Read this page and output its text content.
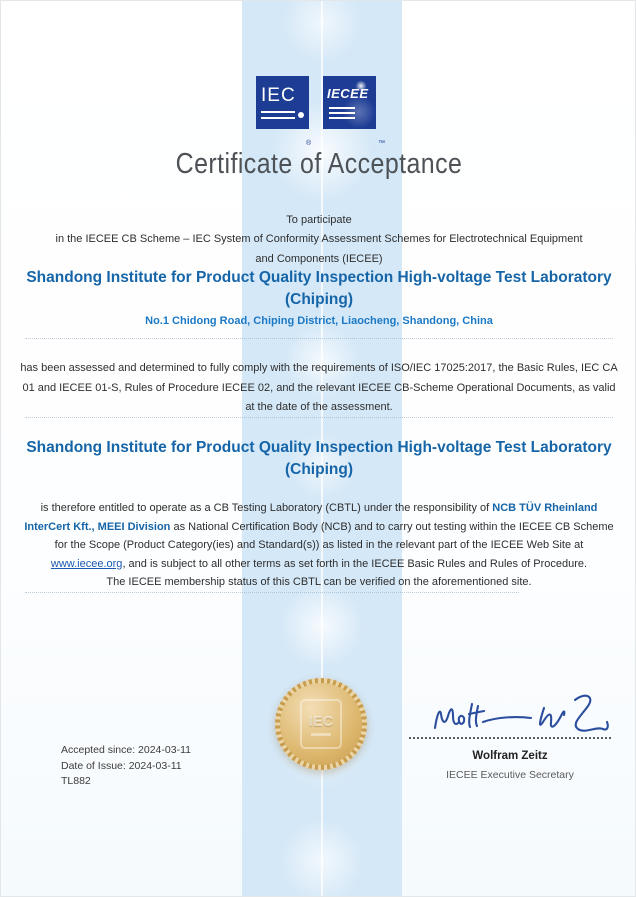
IEC IECEE
®	™
Certificate of Acceptance
To participate
in the IECEE CB Scheme – IEC System of Conformity Assessment Schemes for Electrotechnical Equipment and Components (IECEE)
Shandong Institute for Product Quality Inspection High-voltage Test Laboratory
(Chiping)
No.1 Chidong Road, Chiping District, Liaocheng, Shandong, China
has been assessed and determined to fully comply with the requirements of ISO/IEC 17025:2017, the Basic Rules, IEC CA 01 and IECEE 01-S, Rules of Procedure IECEE 02, and the relevant IECEE CB-Scheme Operational Documents, as valid at the date of the assessment.
Shandong Institute for Product Quality Inspection High-voltage Test Laboratory
(Chiping)
is therefore entitled to operate as a CB Testing Laboratory (CBTL) under the responsibility of NCB TÜV Rheinland InterCert Kft., MEEI Division as National Certification Body (NCB) and to carry out testing within the IECEE CB Scheme for the Scope (Product Category(ies) and Standard(s)) as listed in the relevant part of the IECEE Web Site at www.iecee.org, and is subject to all other terms as set forth in the IECEE Basic Rules and Rules of Procedure.
The IECEE membership status of this CBTL can be verified on the aforementioned site.
IEC
Wolfram Zeitz
IECEE Executive Secretary
Accepted since: 2024-03-11
Date of Issue: 2024-03-11
TL882
